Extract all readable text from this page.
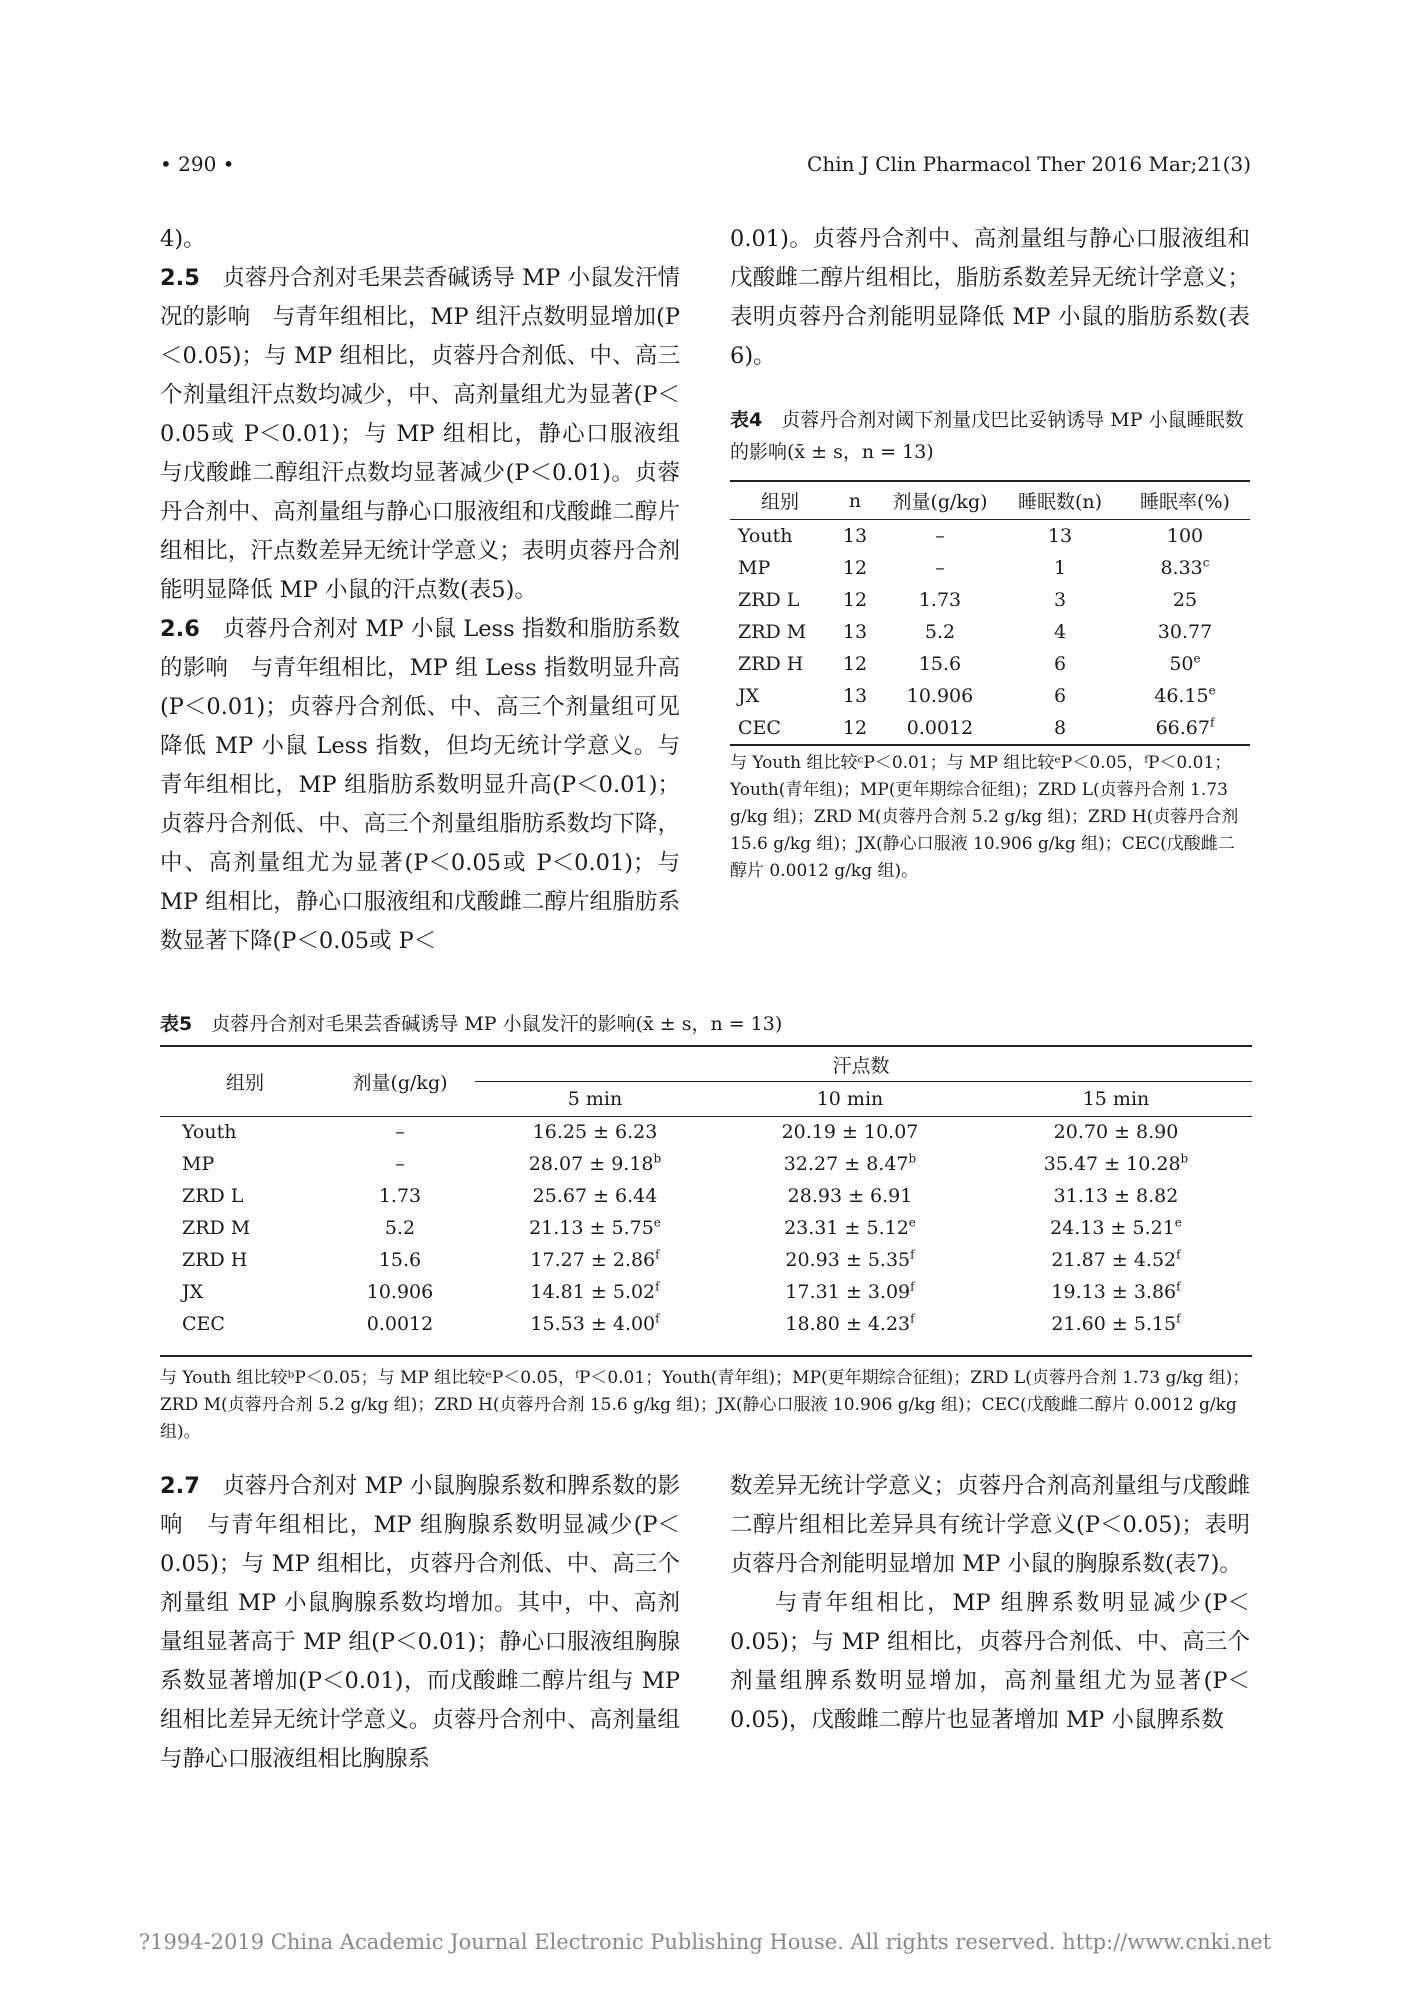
• 290 •	Chin J Clin Pharmacol Ther 2016 Mar;21(3)

4)。

2.5　 贞蓉丹合剂对毛果芸香碱诱导 MP 小鼠发汗情况的影响　与青年组相比，MP 组汗点数明显增加(P＜0.05)；与 MP 组相比，贞蓉丹合剂低、中、高三个剂量组汗点数均减少，中、高剂量组尤为显著(P＜0.05或 P＜0.01)；与 MP 组相比，静心口服液组与戊酸雌二醇组汗点数均显著减少(P＜0.01)。贞蓉丹合剂中、高剂量组与静心口服液组和戊酸雌二醇片组相比，汗点数差异无统计学意义；表明贞蓉丹合剂能明显降低 MP 小鼠的汗点数(表5)。

2.6　 贞蓉丹合剂对 MP 小鼠 Less 指数和脂肪系数的影响　与青年组相比，MP 组 Less 指数明显升高(P＜0.01)；贞蓉丹合剂低、中、高三个剂量组可见降低 MP 小鼠 Less 指数，但均无统计学意义。与青年组相比，MP 组脂肪系数明显升高(P＜0.01)；贞蓉丹合剂低、中、高三个剂量组脂肪系数均下降，中、高剂量组尤为显著(P＜0.05或 P＜0.01)；与 MP 组相比，静心口服液组和戊酸雌二醇片组脂肪系数显著下降(P＜0.05或 P＜

0.01)。贞蓉丹合剂中、高剂量组与静心口服液组和戊酸雌二醇片组相比，脂肪系数差异无统计学意义；表明贞蓉丹合剂能明显降低 MP 小鼠的脂肪系数(表6)。

表4　 贞蓉丹合剂对阈下剂量戊巴比妥钠诱导 MP 小鼠睡眠数的影响(x̄ ± s，n = 13)
组别	n	剂量(g/kg)	睡眠数(n)	睡眠率(%)
Youth	13	–	13	100
MP	12	–	1	8.33$^c$
ZRD L	12	1.73	3	25
ZRD M	13	5.2	4	30.77
ZRD H	12	15.6	6	50e
JX	13	10.906	6	46.15e
CEC	12	0.0012	8	66.67$^f$
与 Youth 组比较ᶜP＜0.01；与 MP 组比较ᵉP＜0.05，ᶠP＜0.01；Youth(青年组)；MP(更年期综合征组)；ZRD L(贞蓉丹合剂 1.73 g/kg 组)；ZRD M(贞蓉丹合剂 5.2 g/kg 组)；ZRD H(贞蓉丹合剂 15.6 g/kg 组)；JX(静心口服液 10.906 g/kg 组)；CEC(戊酸雌二醇片 0.0012 g/kg 组)。
表5　 贞蓉丹合剂对毛果芸香碱诱导 MP 小鼠发汗的影响(x̄ ± s，n = 13)
组别	剂量(g/kg)	汗点数		
		5 min	10 min	15 min
Youth	–	16.25 ± 6.23	20.19 ± 10.07	20.70 ± 8.90
MP	–	28.07 ± 9.18$^b$	32.27 ± 8.47$^b$	35.47 ± 10.28$^b$
ZRD L	1.73	25.67 ± 6.44	28.93 ± 6.91	31.13 ± 8.82
ZRD M	5.2	21.13 ± 5.75$^e$	23.31 ± 5.12$^e$	24.13 ± 5.21$^e$
ZRD H	15.6	17.27 ± 2.86$^f$	20.93 ± 5.35$^f$	21.87 ± 4.52$^f$
JX	10.906	14.81 ± 5.02$^f$	17.31 ± 3.09$^f$	19.13 ± 3.86$^f$
CEC	0.0012	15.53 ± 4.00$^f$	18.80 ± 4.23$^f$	21.60 ± 5.15$^f$
与 Youth 组比较ᵇP＜0.05；与 MP 组比较ᵉP＜0.05，ᶠP＜0.01；Youth(青年组)；MP(更年期综合征组)；ZRD L(贞蓉丹合剂 1.73 g/kg 组)；ZRD M(贞蓉丹合剂 5.2 g/kg 组)；ZRD H(贞蓉丹合剂 15.6 g/kg 组)；JX(静心口服液 10.906 g/kg 组)；CEC(戊酸雌二醇片 0.0012 g/kg 组)。

2.7　 贞蓉丹合剂对 MP 小鼠胸腺系数和脾系数的影响　与青年组相比，MP 组胸腺系数明显减少(P＜0.05)；与 MP 组相比，贞蓉丹合剂低、中、高三个剂量组 MP 小鼠胸腺系数均增加。其中，中、高剂量组显著高于 MP 组(P＜0.01)；静心口服液组胸腺系数显著增加(P＜0.01)，而戊酸雌二醇片组与 MP 组相比差异无统计学意义。贞蓉丹合剂中、高剂量组与静心口服液组相比胸腺系

数差异无统计学意义；贞蓉丹合剂高剂量组与戊酸雌二醇片组相比差异具有统计学意义(P＜0.05)；表明贞蓉丹合剂能明显增加 MP 小鼠的胸腺系数(表7)。

与青年组相比，MP 组脾系数明显减少(P＜0.05)；与 MP 组相比，贞蓉丹合剂低、中、高三个剂量组脾系数明显增加，高剂量组尤为显著(P＜0.05)，戊酸雌二醇片也显著增加 MP 小鼠脾系数

?1994-2019 China Academic Journal Electronic Publishing House. All rights reserved. http://www.cnki.net
